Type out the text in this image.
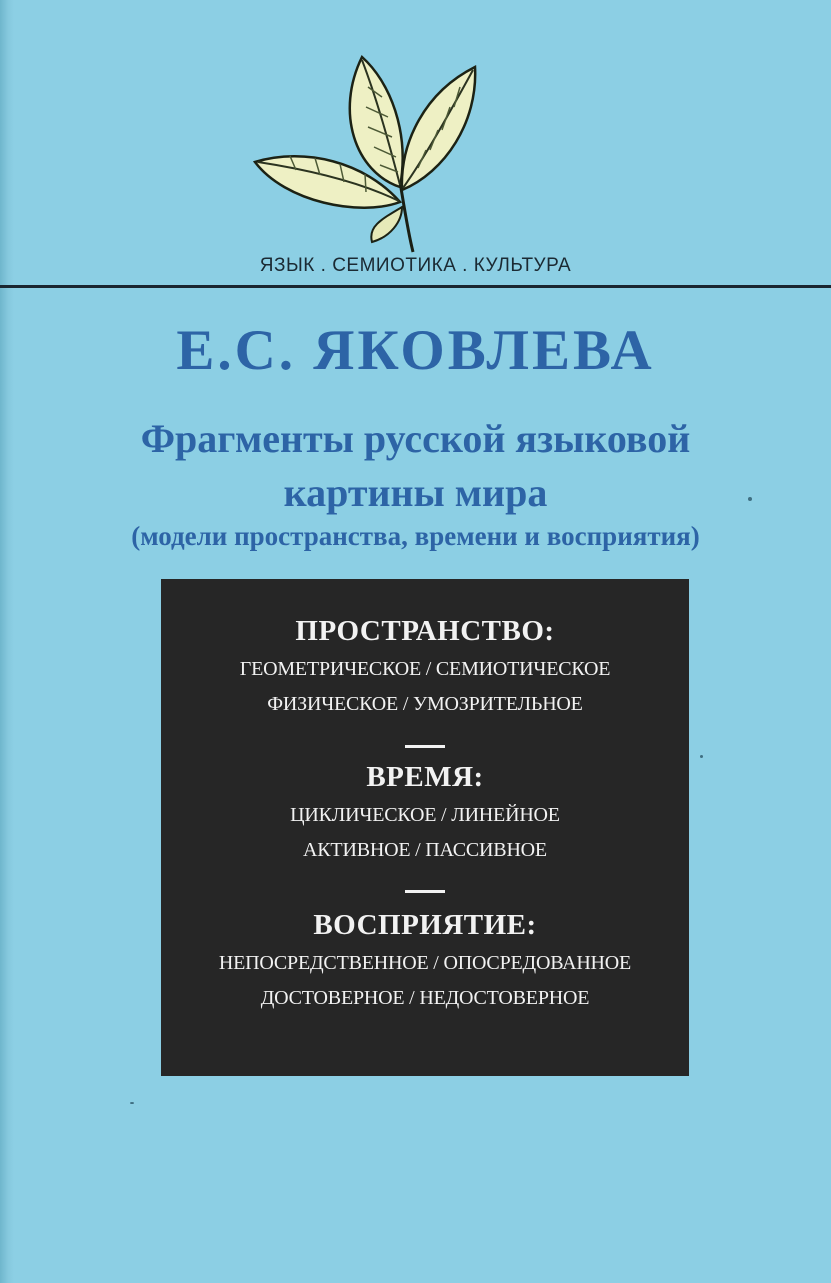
ЯЗЫК . СЕМИОТИКА . КУЛЬТУРА
Е.С. ЯКОВЛЕВА
Фрагменты русской языковой
картины мира
(модели пространства, времени и восприятия)
ПРОСТРАНСТВО:
ГЕОМЕТРИЧЕСКОЕ / СЕМИОТИЧЕСКОЕ
ФИЗИЧЕСКОЕ / УМОЗРИТЕЛЬНОЕ
ВРЕМЯ:
ЦИКЛИЧЕСКОЕ / ЛИНЕЙНОЕ
АКТИВНОЕ / ПАССИВНОЕ
ВОСПРИЯТИЕ:
НЕПОСРЕДСТВЕННОЕ / ОПОСРЕДОВАННОЕ
ДОСТОВЕРНОЕ / НЕДОСТОВЕРНОЕ
